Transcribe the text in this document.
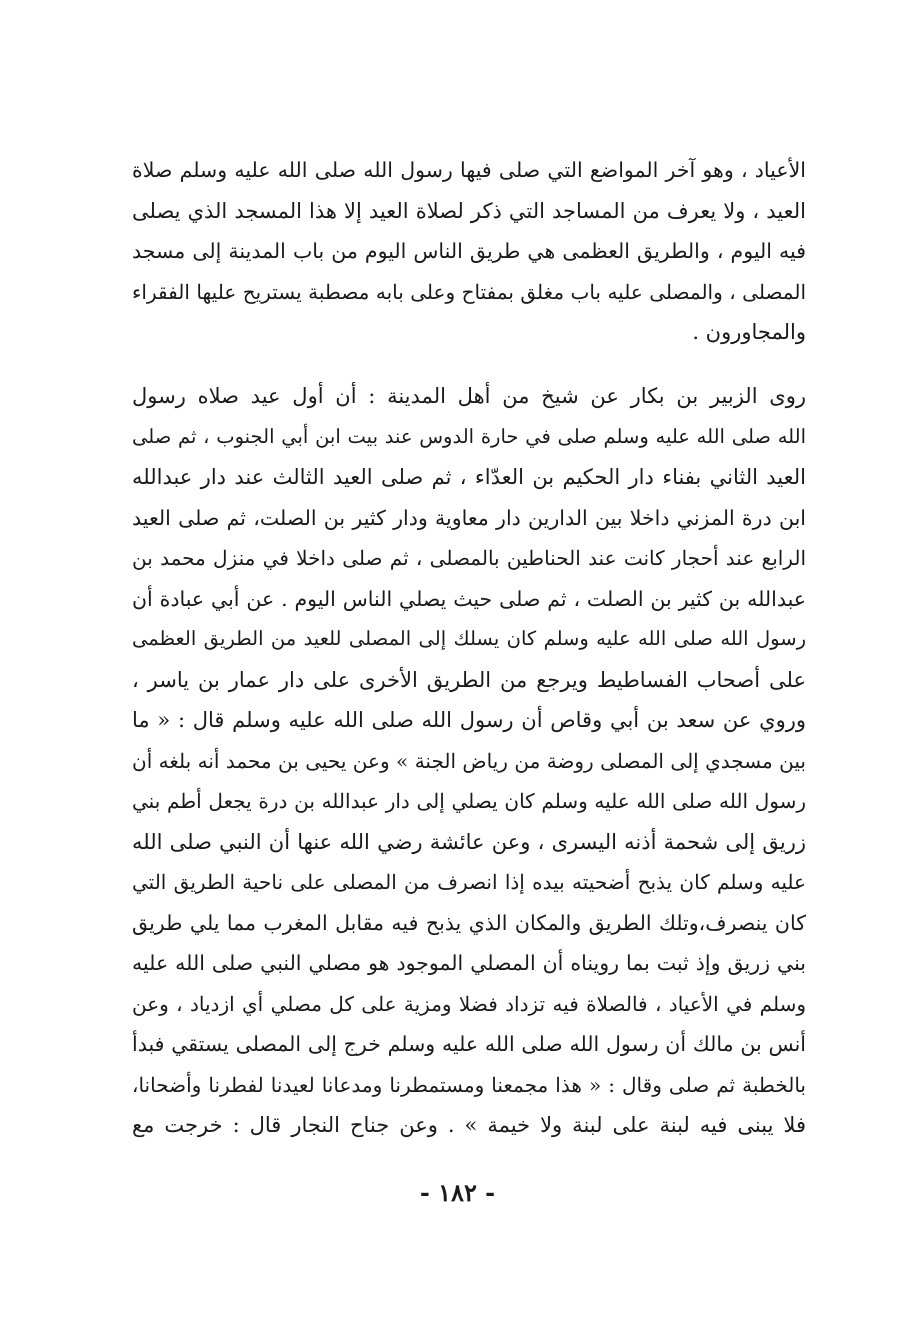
الأعياد ، وهو آخر المواضع التي صلى فيها رسول الله صلى الله عليه وسلم صلاة
العيد ، ولا يعرف من المساجد التي ذكر لصلاة العيد إلا هذا المسجد الذي يصلى
فيه اليوم ، والطريق العظمى هي طريق الناس اليوم من باب المدينة إلى مسجد
المصلى ، والمصلى عليه باب مغلق بمفتاح وعلى بابه مصطبة يستريح عليها الفقراء
والمجاورون .
روى الزبير بن بكار عن شيخ من أهل المدينة : أن أول عيد صلاه رسول
الله صلى الله عليه وسلم صلى في حارة الدوس عند بيت ابن أبي الجنوب ، ثم صلى
العيد الثاني بفناء دار الحكيم بن العدّاء ، ثم صلى العيد الثالث عند دار عبدالله
ابن درة المزني داخلا بين الدارين دار معاوية ودار كثير بن الصلت، ثم صلى العيد
الرابع عند أحجار كانت عند الحناطين بالمصلى ، ثم صلى داخلا في منزل محمد بن
عبدالله بن كثير بن الصلت ، ثم صلى حيث يصلي الناس اليوم . عن أبي عبادة أن
رسول الله صلى الله عليه وسلم كان يسلك إلى المصلى للعيد من الطريق العظمى
على أصحاب الفساطيط ويرجع من الطريق الأخرى على دار عمار بن ياسر ،
وروي عن سعد بن أبي وقاص أن رسول الله صلى الله عليه وسلم قال : « ما
بين مسجدي إلى المصلى روضة من رياض الجنة » وعن يحيى بن محمد أنه بلغه أن
رسول الله صلى الله عليه وسلم كان يصلي إلى دار عبدالله بن درة يجعل أطم بني
زريق إلى شحمة أذنه اليسرى ، وعن عائشة رضي الله عنها أن النبي صلى الله
عليه وسلم كان يذبح أضحيته بيده إذا انصرف من المصلى على ناحية الطريق التي
كان ينصرف،وتلك الطريق والمكان الذي يذبح فيه مقابل المغرب مما يلي طريق
بني زريق وإذ ثبت بما رويناه أن المصلي الموجود هو مصلي النبي صلى الله عليه
وسلم في الأعياد ، فالصلاة فيه تزداد فضلا ومزية على كل مصلي أي ازدياد ، وعن
أنس بن مالك أن رسول الله صلى الله عليه وسلم خرج إلى المصلى يستقي فبدأ
بالخطبة ثم صلى وقال : « هذا مجمعنا ومستمطرنا ومدعانا لعيدنا لفطرنا وأضحانا،
فلا يبنى فيه لبنة على لبنة ولا خيمة » . وعن جناح النجار قال : خرجت مع
- ١٨٢ -
